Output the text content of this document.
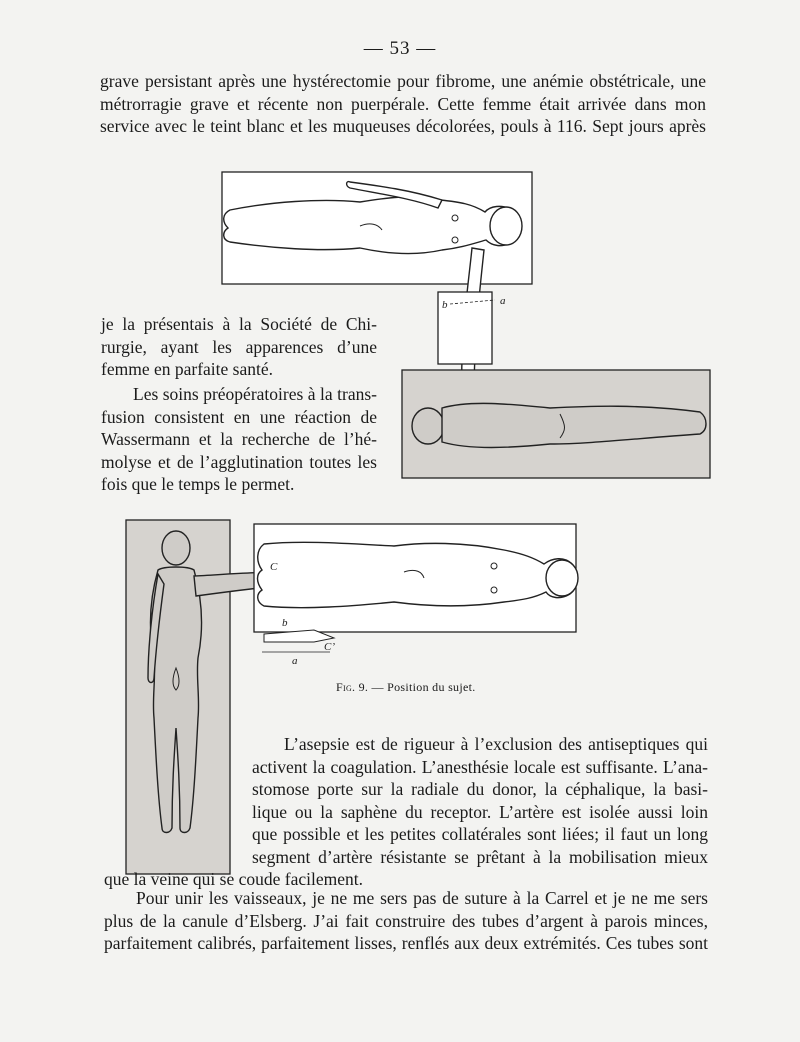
— 53 —
grave persistant après une hystérectomie pour fibrome, une anémie obstétricale, une
métrorragie grave et récente non puerpérale. Cette femme était arrivée dans mon
service avec le teint blanc et les muqueuses décolorées, pouls à 116. Sept jours après
b	a
je la présentais à la Société de Chi-
rurgie, ayant les apparences d’une
femme en parfaite santé.
Les soins préopératoires à la trans-
fusion consistent en une réaction de
Wassermann et la recherche de l’hé-
molyse et de l’agglutination toutes les
fois que le temps le permet.
C
b
C’
a
Fig. 9. — Position du sujet.
L’asepsie est de rigueur à l’exclusion des antiseptiques qui
activent la coagulation. L’anesthésie locale est suffisante. L’ana-
stomose porte sur la radiale du donor, la céphalique, la basi-
lique ou la saphène du receptor. L’artère est isolée aussi loin
que possible et les petites collatérales sont liées; il faut un long
segment d’artère résistante se prêtant à la mobilisation mieux
que la veine qui se coude facilement.
Pour unir les vaisseaux, je ne me sers pas de suture à la Carrel et je ne me sers
plus de la canule d’Elsberg. J’ai fait construire des tubes d’argent à parois minces,
parfaitement calibrés, parfaitement lisses, renflés aux deux extrémités. Ces tubes sont
